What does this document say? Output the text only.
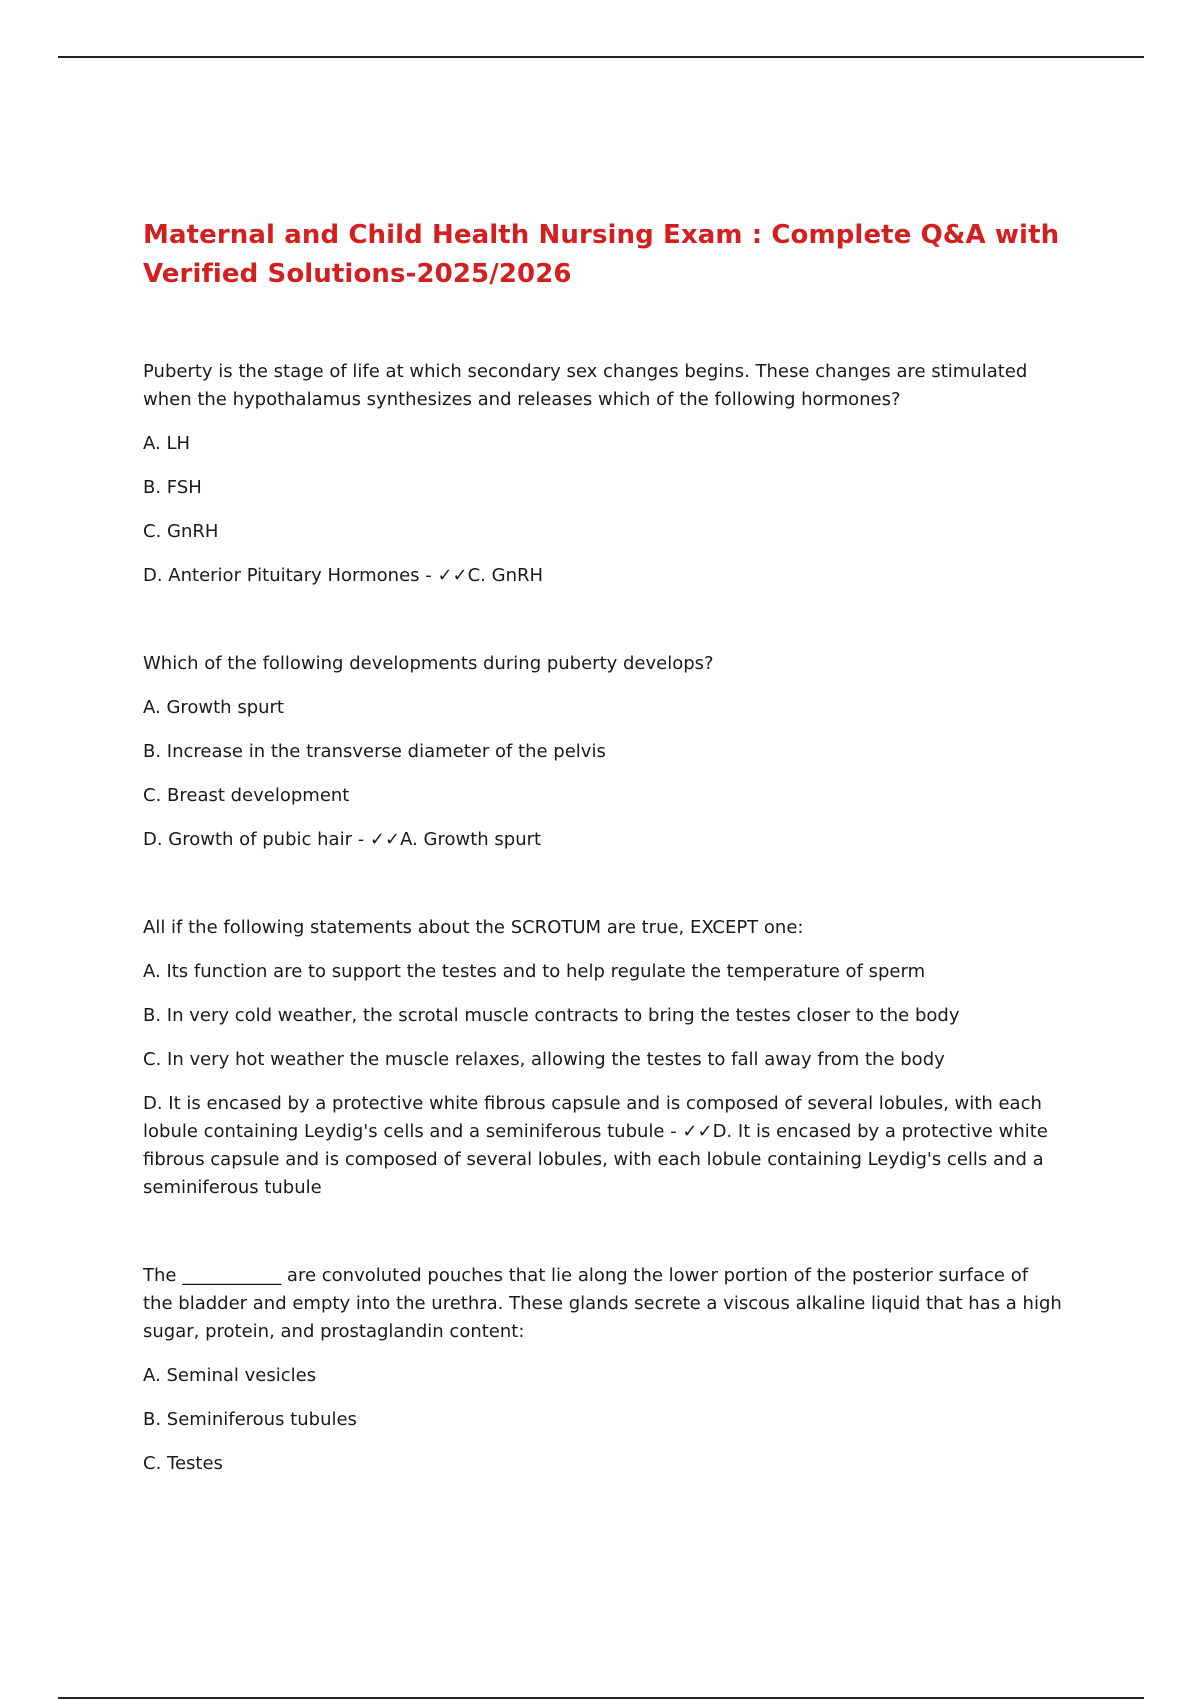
Maternal and Child Health Nursing Exam : Complete Q&A with Verified Solutions-2025/2026

Puberty is the stage of life at which secondary sex changes begins. These changes are stimulated when the hypothalamus synthesizes and releases which of the following hormones?

A. LH

B. FSH

C. GnRH

D. Anterior Pituitary Hormones - ✓✓C. GnRH

Which of the following developments during puberty develops?

A. Growth spurt

B. Increase in the transverse diameter of the pelvis

C. Breast development

D. Growth of pubic hair - ✓✓A. Growth spurt

All if the following statements about the SCROTUM are true, EXCEPT one:

A. Its function are to support the testes and to help regulate the temperature of sperm

B. In very cold weather, the scrotal muscle contracts to bring the testes closer to the body

C. In very hot weather the muscle relaxes, allowing the testes to fall away from the body

D. It is encased by a protective white fibrous capsule and is composed of several lobules, with each lobule containing Leydig's cells and a seminiferous tubule - ✓✓D. It is encased by a protective white fibrous capsule and is composed of several lobules, with each lobule containing Leydig's cells and a seminiferous tubule

The ___________ are convoluted pouches that lie along the lower portion of the posterior surface of the bladder and empty into the urethra. These glands secrete a viscous alkaline liquid that has a high sugar, protein, and prostaglandin content:

A. Seminal vesicles

B. Seminiferous tubules

C. Testes
